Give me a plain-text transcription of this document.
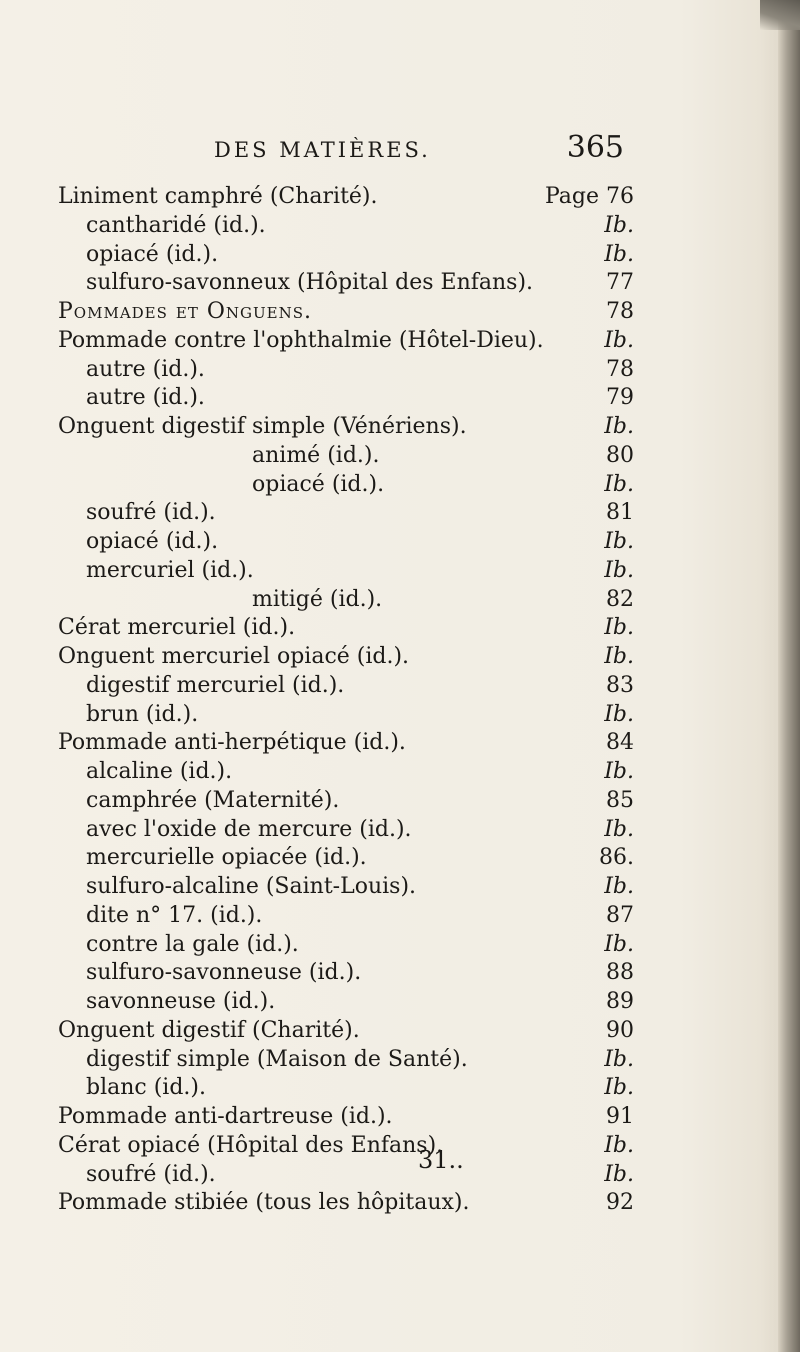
DES MATIÈRES.	365
Liniment camphré (Charité).	Page 76
cantharidé (id.).	Ib.
opiacé (id.).	Ib.
sulfuro-savonneux (Hôpital des Enfans).	77
Pommades et Onguens.	78
Pommade contre l'ophthalmie (Hôtel-Dieu).	Ib.
autre (id.).	78
autre (id.).	79
Onguent digestif simple (Vénériens).	Ib.
animé (id.).	80
opiacé (id.).	Ib.
soufré (id.).	81
opiacé (id.).	Ib.
mercuriel (id.).	Ib.
mitigé (id.).	82
Cérat mercuriel (id.).	Ib.
Onguent mercuriel opiacé (id.).	Ib.
digestif mercuriel (id.).	83
brun (id.).	Ib.
Pommade anti-herpétique (id.).	84
alcaline (id.).	Ib.
camphrée (Maternité).	85
avec l'oxide de mercure (id.).	Ib.
mercurielle opiacée (id.).	86.
sulfuro-alcaline (Saint-Louis).	Ib.
dite n° 17. (id.).	87
contre la gale (id.).	Ib.
sulfuro-savonneuse (id.).	88
savonneuse (id.).	89
Onguent digestif (Charité).	90
digestif simple (Maison de Santé).	Ib.
blanc (id.).	Ib.
Pommade anti-dartreuse (id.).	91
Cérat opiacé (Hôpital des Enfans).	Ib.
soufré (id.).	Ib.
Pommade stibiée (tous les hôpitaux).	92
31..
